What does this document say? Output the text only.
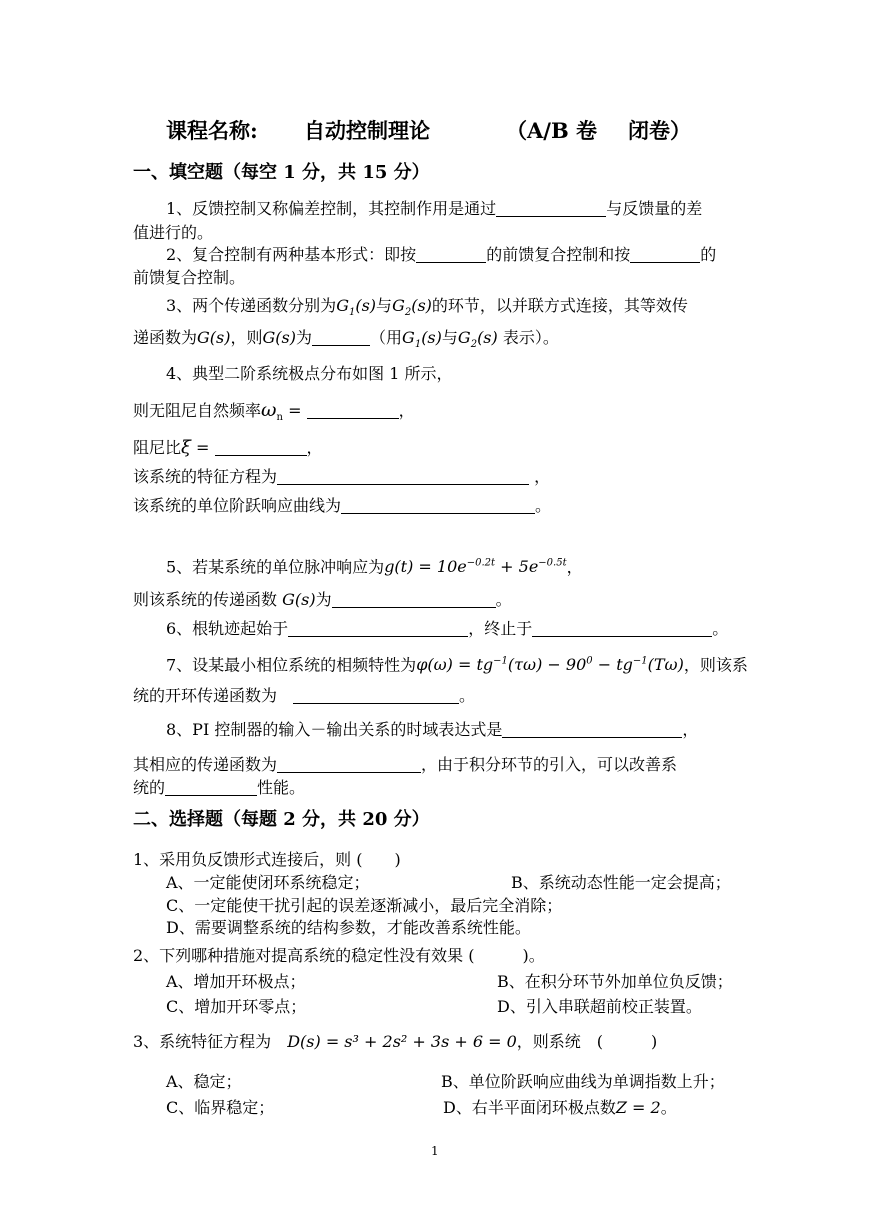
课程名称: 自动控制理论	（A/B 卷 闭卷）
一、填空题（每空 1 分，共 15 分）
1、反馈控制又称偏差控制，其控制作用是通过	与反馈量的差
值进行的。
2、复合控制有两种基本形式：即按	的前馈复合控制和按	的
前馈复合控制。
3、两个传递函数分别为$G_1(s)$与$G_2(s)$的环节，以并联方式连接，其等效传
递函数为G(s)，则G(s)为	（用$G_1(s)$与$G_2(s)$ 表示）。
4、典型二阶系统极点分布如图 1 所示，
则无阻尼自然频率$\omega_n$ =	，
阻尼比ξ =	，
该系统的特征方程为	，
该系统的单位阶跃响应曲线为	。
5、若某系统的单位脉冲响应为$g(t) = 10e^{-0.2t} + 5e^{-0.5t}$，
则该系统的传递函数 G(s)为	。
6、根轨迹起始于	，终止于	。
7、设某最小相位系统的相频特性为$\varphi(\omega) = tg^{-1}(\tau\omega) - 90^0 - tg^{-1}(T\omega)$，则该系
统的开环传递函数为　	。
8、PI 控制器的输入－输出关系的时域表达式是	，
其相应的传递函数为	，由于积分环节的引入，可以改善系
统的	性能。
二、选择题（每题 2 分，共 20 分）
1、采用负反馈形式连接后，则 (　　)
A、一定能使闭环系统稳定；	B、系统动态性能一定会提高；
C、一定能使干扰引起的误差逐渐减小，最后完全消除；
D、需要调整系统的结构参数，才能改善系统性能。
2、下列哪种措施对提高系统的稳定性没有效果 (　　　)。
A、增加开环极点；	B、在积分环节外加单位负反馈；
C、增加开环零点；	D、引入串联超前校正装置。
3、系统特征方程为　 D(s) = s³ + 2s² + 3s + 6 = 0，则系统　(　　　)
A、稳定；	B、单位阶跃响应曲线为单调指数上升；
C、临界稳定；	D、右半平面闭环极点数Z = 2。
1
